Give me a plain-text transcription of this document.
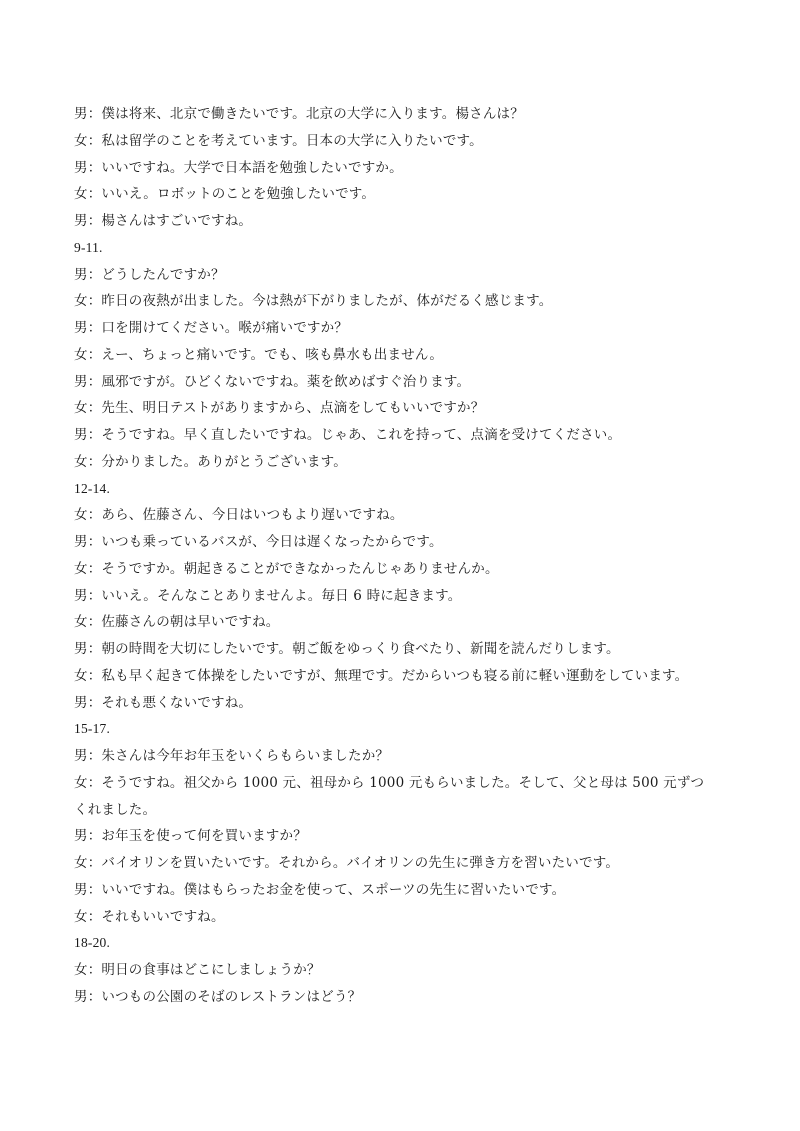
男：僕は将来、北京で働きたいです。北京の大学に入ります。楊さんは？
女：私は留学のことを考えています。日本の大学に入りたいです。
男：いいですね。大学で日本語を勉強したいですか。
女：いいえ。ロボットのことを勉強したいです。
男：楊さんはすごいですね。
9-11.
男：どうしたんですか？
女：昨日の夜熱が出ました。今は熱が下がりましたが、体がだるく感じます。
男：口を開けてください。喉が痛いですか？
女：えー、ちょっと痛いです。でも、咳も鼻水も出ません。
男：風邪ですが。ひどくないですね。薬を飲めばすぐ治ります。
女：先生、明日テストがありますから、点滴をしてもいいですか？
男：そうですね。早く直したいですね。じゃあ、これを持って、点滴を受けてください。
女：分かりました。ありがとうございます。
12-14.
女：あら、佐藤さん、今日はいつもより遅いですね。
男：いつも乗っているバスが、今日は遅くなったからです。
女：そうですか。朝起きることができなかったんじゃありませんか。
男：いいえ。そんなことありませんよ。毎日 6 時に起きます。
女：佐藤さんの朝は早いですね。
男：朝の時間を大切にしたいです。朝ご飯をゆっくり食べたり、新聞を読んだりします。
女：私も早く起きて体操をしたいですが、無理です。だからいつも寝る前に軽い運動をしています。
男：それも悪くないですね。
15-17.
男：朱さんは今年お年玉をいくらもらいましたか？
女：そうですね。祖父から 1000 元、祖母から 1000 元もらいました。そして、父と母は 500 元ずつ
くれました。
男：お年玉を使って何を買いますか？
女：バイオリンを買いたいです。それから。バイオリンの先生に弾き方を習いたいです。
男：いいですね。僕はもらったお金を使って、スポーツの先生に習いたいです。
女：それもいいですね。
18-20.
女：明日の食事はどこにしましょうか？
男：いつもの公園のそばのレストランはどう？
